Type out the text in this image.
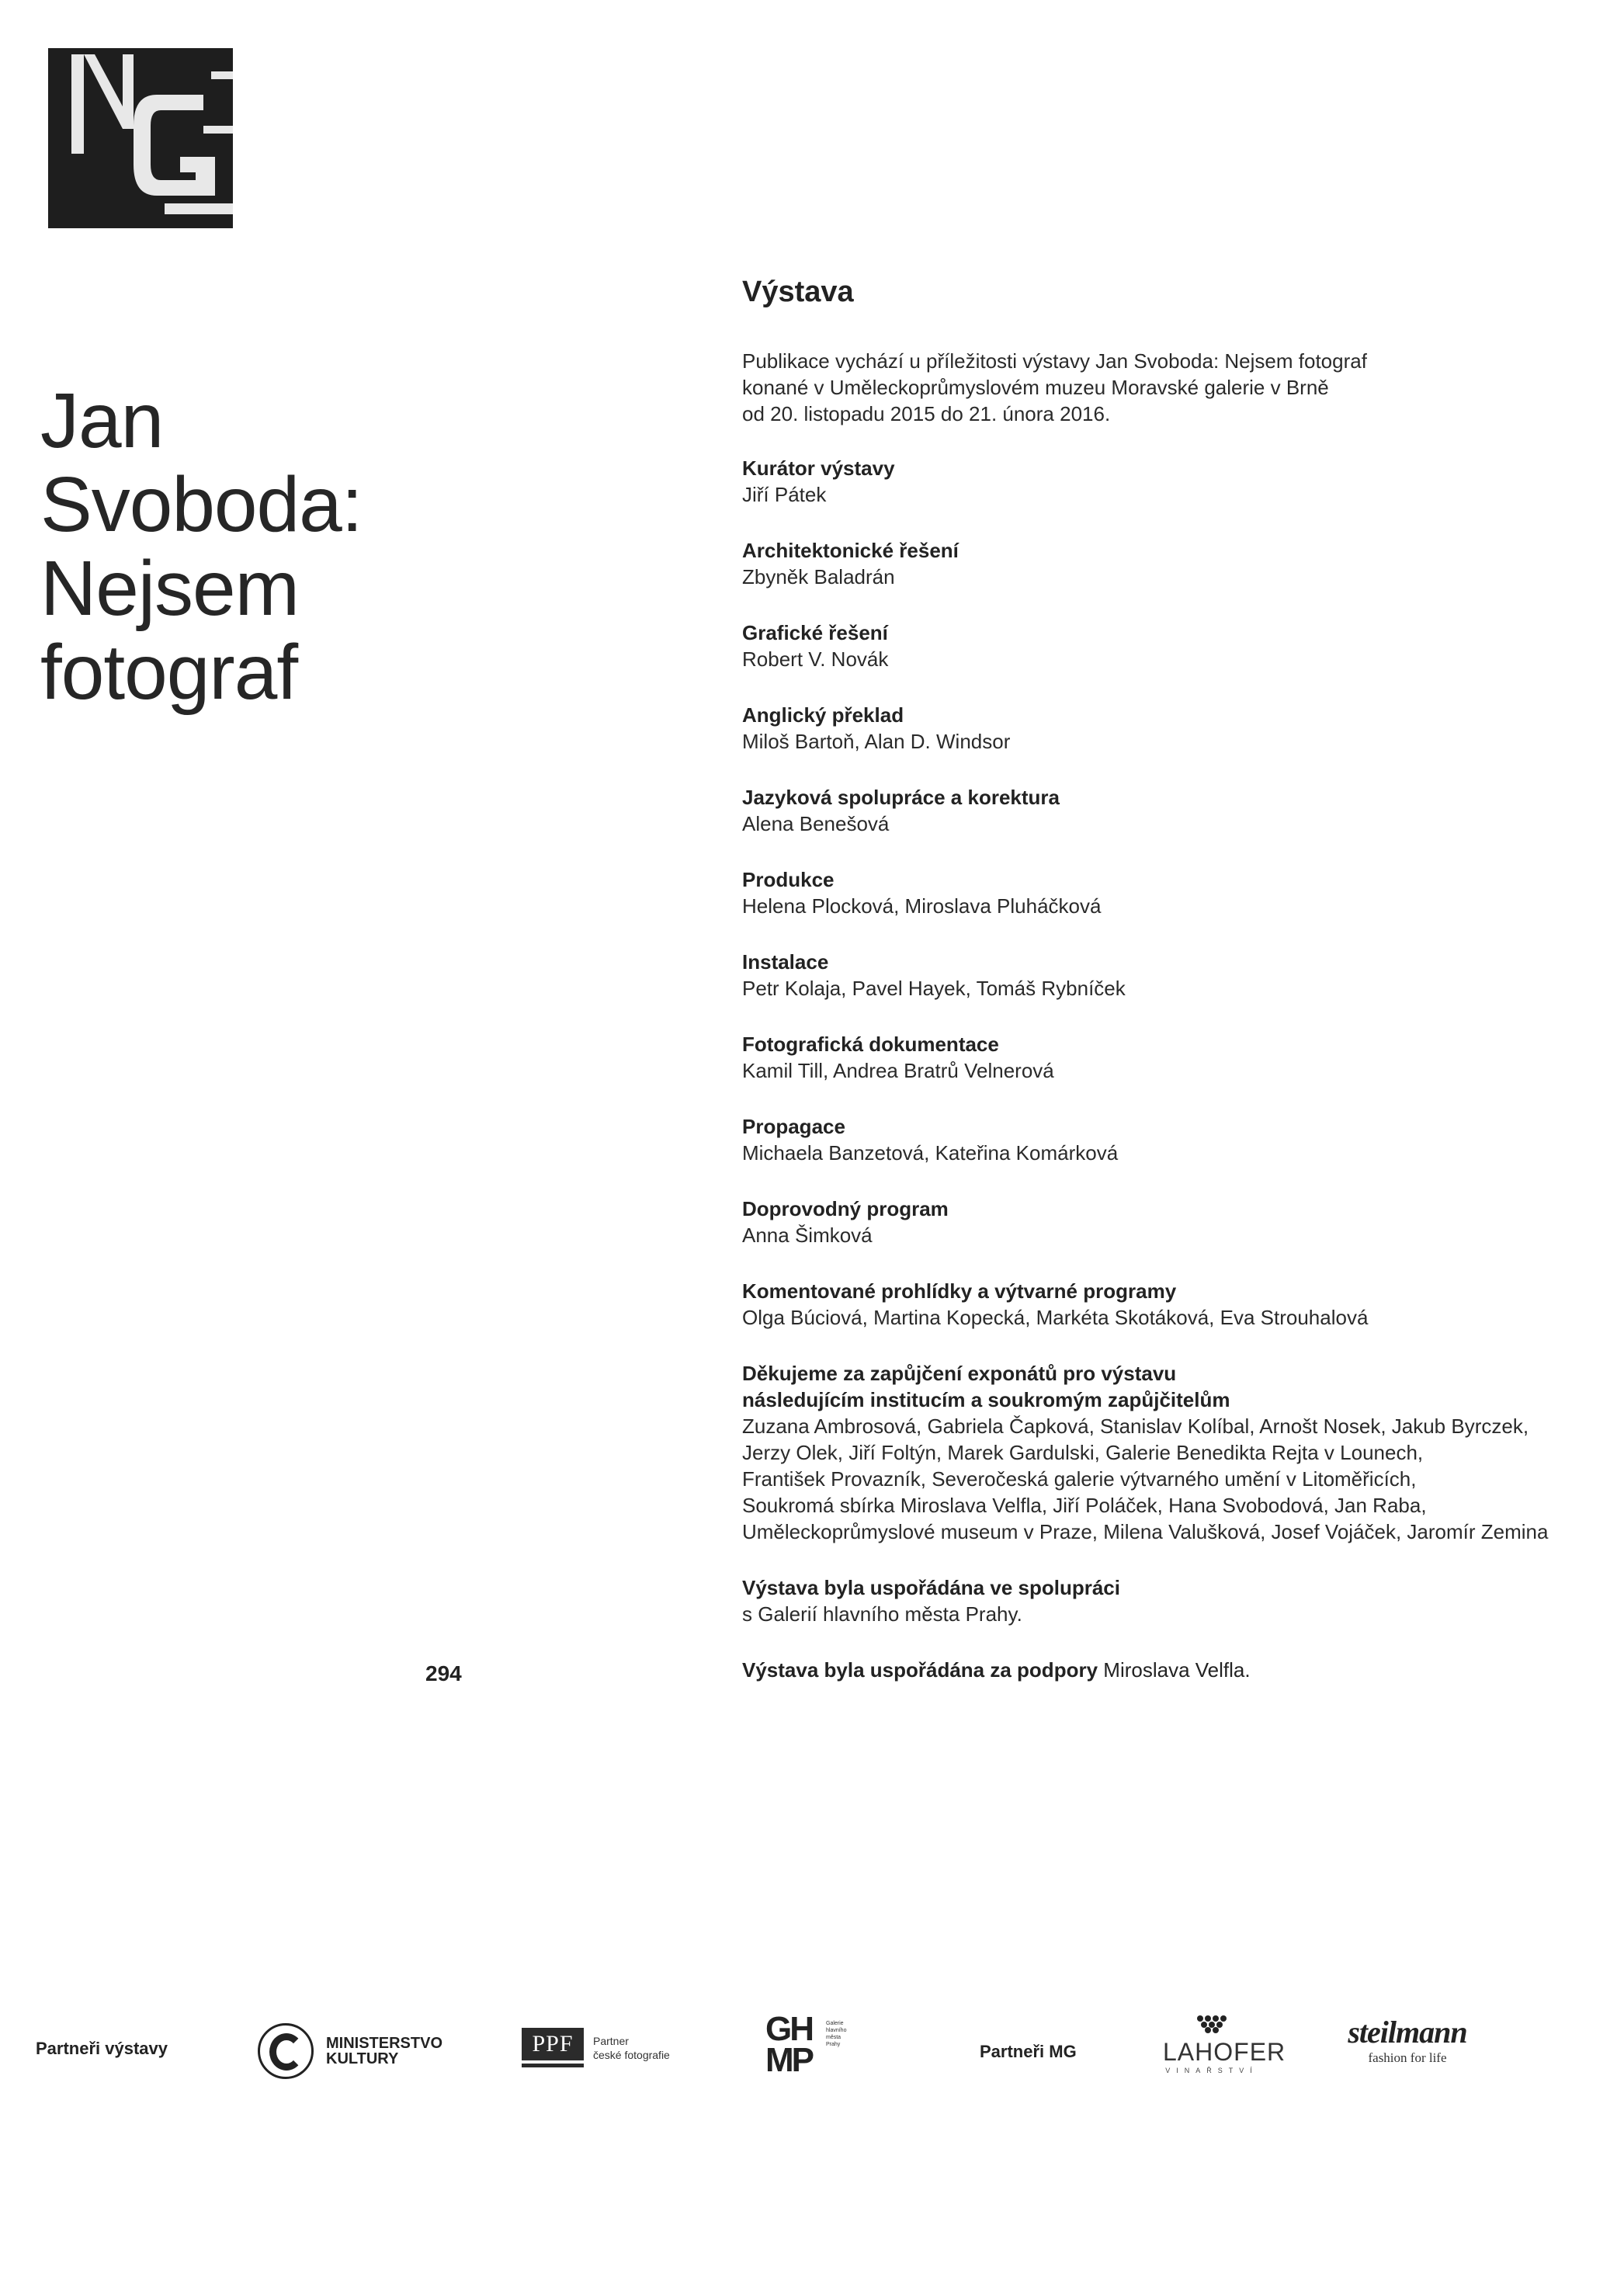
Jan
Svoboda:
Nejsem
fotograf
Výstava
Publikace vychází u příležitosti výstavy Jan Svoboda: Nejsem fotograf
konané v Uměleckoprůmyslovém muzeu Moravské galerie v Brně
od 20. listopadu 2015 do 21. února 2016.
Kurátor výstavy
Jiří Pátek
Architektonické řešení
Zbyněk Baladrán
Grafické řešení
Robert V. Novák
Anglický překlad
Miloš Bartoň, Alan D. Windsor
Jazyková spolupráce a korektura
Alena Benešová
Produkce
Helena Plocková, Miroslava Pluháčková
Instalace
Petr Kolaja, Pavel Hayek, Tomáš Rybníček
Fotografická dokumentace
Kamil Till, Andrea Bratrů Velnerová
Propagace
Michaela Banzetová, Kateřina Komárková
Doprovodný program
Anna Šimková
Komentované prohlídky a výtvarné programy
Olga Búciová, Martina Kopecká, Markéta Skotáková, Eva Strouhalová
Děkujeme za zapůjčení exponátů pro výstavu
následujícím institucím a soukromým zapůjčitelům
Zuzana Ambrosová, Gabriela Čapková, Stanislav Kolíbal, Arnošt Nosek, Jakub Byrczek,
Jerzy Olek, Jiří Foltýn, Marek Gardulski, Galerie Benedikta Rejta v Lounech,
František Provazník, Severočeská galerie výtvarného umění v Litoměřicích,
Soukromá sbírka Miroslava Velfla, Jiří Poláček, Hana Svobodová, Jan Raba,
Uměleckoprůmyslové museum v Praze, Milena Valušková, Josef Vojáček, Jaromír Zemina
Výstava byla uspořádána ve spolupráci
s Galerií hlavního města Prahy.
Výstava byla uspořádána za podpory Miroslava Velfla.
294
Partneři výstavy	MINISTERSTVO
KULTURY
PPF	Partner
české fotografie
GH
MP
Galerie
hlavního
města
Prahy	Partneři MG	LAHOFER
VINAŘSTVÍ
steilmann
fashion for life
